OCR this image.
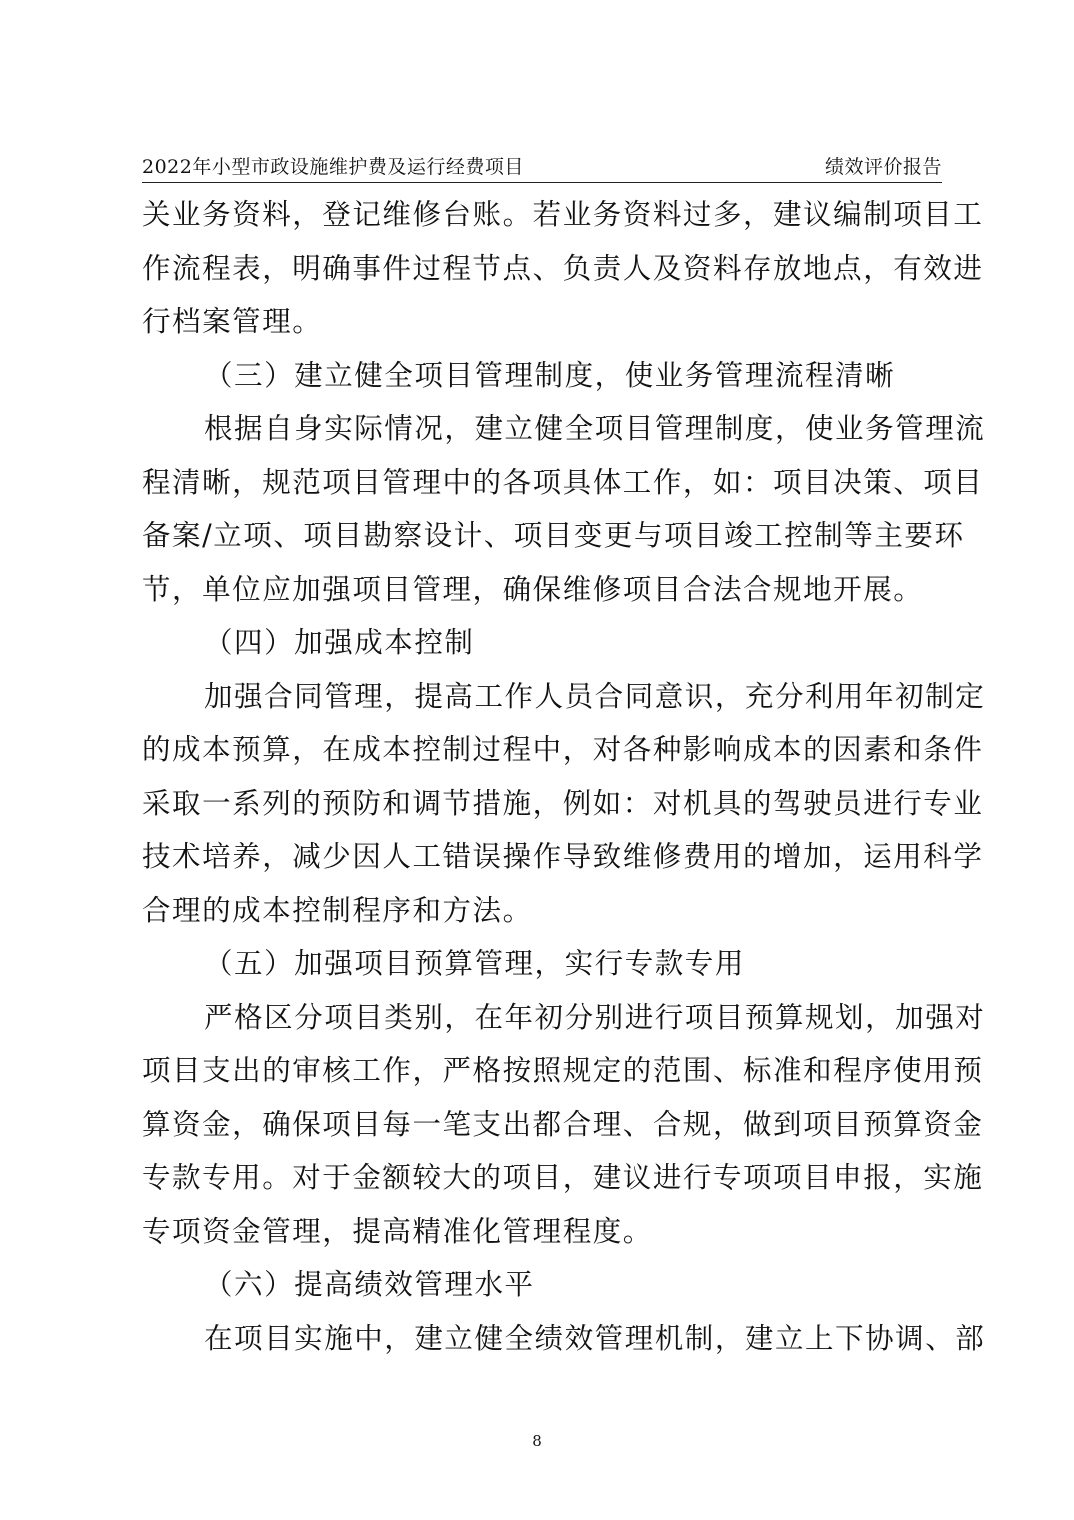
2022年小型市政设施维护费及运行经费项目	绩效评价报告
关业务资料，登记维修台账。若业务资料过多，建议编制项目工
作流程表，明确事件过程节点、负责人及资料存放地点，有效进
行档案管理。
（三）建立健全项目管理制度，使业务管理流程清晰
根据自身实际情况，建立健全项目管理制度，使业务管理流
程清晰，规范项目管理中的各项具体工作，如：项目决策、项目
备案/立项、项目勘察设计、项目变更与项目竣工控制等主要环
节，单位应加强项目管理，确保维修项目合法合规地开展。
（四）加强成本控制
加强合同管理，提高工作人员合同意识，充分利用年初制定
的成本预算，在成本控制过程中，对各种影响成本的因素和条件
采取一系列的预防和调节措施，例如：对机具的驾驶员进行专业
技术培养，减少因人工错误操作导致维修费用的增加，运用科学
合理的成本控制程序和方法。
（五）加强项目预算管理，实行专款专用
严格区分项目类别，在年初分别进行项目预算规划，加强对
项目支出的审核工作，严格按照规定的范围、标准和程序使用预
算资金，确保项目每一笔支出都合理、合规，做到项目预算资金
专款专用。对于金额较大的项目，建议进行专项项目申报，实施
专项资金管理，提高精准化管理程度。
（六）提高绩效管理水平
在项目实施中，建立健全绩效管理机制，建立上下协调、部
8
